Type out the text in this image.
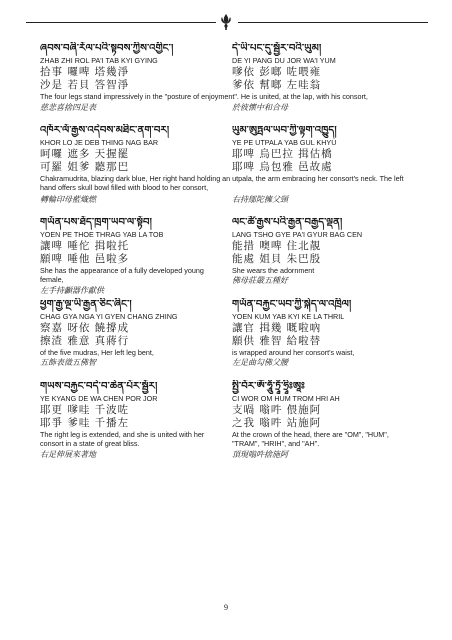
ཞབས་བཞི་རོལ་པའི་སྟབས་ཀྱིས་འགྱིང་།
ZHAB ZHI ROL PA'I TAB KYI GYING
拾事 囉啤 塔幾淨
沙是 若貝 答智淨
དེ་ཡི་པང་དུ་སྦྱོར་བའི་ཡུམ།
DE YI PANG DU JOR WA'I YUM
嗲依 彭啷 咗喂雍
爹依 幫啷 左哇翁
The four legs stand impressively in the "posture of enjoyment". He is united, at the lap, with his consort,
慈悲喜捨四足表	於彼懷中和合母
འཁོར་ལོ་རྒྱས་འདེབས་མཐིང་ནག་བར།
KHOR LO JE DEB THING NAG BAR
呵囉 遮多 天握罷
可羅 姐爹 聽那巴
ཡུམ་ཨུཏྤལ་ཡབ་ཀྱི་ལྟག་འཁྱུད།
YE PE UTPALA YAB GUL KHYÜ
耶啤 烏巴拉 揖估橋
耶啤 烏包雅 邑故處
Chakramudrita, blazing dark blue, Her right hand holding an utpala, the arm embracing her consort's neck. The left hand offers skull bowl filled with blood to her consort,
轉輪印母藍熾燃	右持鄔陀擁父頸
གཡོན་པས་ཐོད་ཁྲག་ཡབ་ལ་སྟོབ།
YOEN PE THOE THRAG YAB LA TOB
讓啤 唾佗 揖啦托
願啤 唾他 邑啦多
She has the appearance of a fully developed young female,
左手持顱器作獻供
ལང་ཚོ་རྒྱས་པའི་རྒྱན་བརྒྱད་ལྡན།
LANG TSHO GYE PA'I GYUR BAG CEN
能措 噢啤 住北靚
能處 姐貝 朱巴殷
She wears the adornment
佛母莊嚴五種好
ཕྱག་རྒྱ་ལྔ་ཡི་རྒྱན་ཅིང་ཞིང་།
CHAG GYA NGA YI GYEN CHANG ZHING
察嘉 呀依 饒撐成
擦渣 雅意 真蔣行
of the five mudras, Her left leg bent,
五飾表徵五佛智
གཡོན་བརྐྱང་ཡབ་ཀྱི་སྐེད་ལ་འཁྲིལ།
YOEN KUM YAB KYI KE LA THRIL
讓官 揖幾 嘅啦吶
願供 雅智 給啦替
is wrapped around her consort's waist,
左足曲勾佛父腰
གཡས་བརྐྱང་བདེ་བ་ཆེན་པོར་སྦྱོར།
YE KYANG DE WA CHEN POR JOR
耶更 嗲哇 千波咗
耶爭 爹哇 千播左
The right leg is extended, and she is united with her consort in a state of great bliss.
右足伸展來著地
སྤྱི་བོར་ཨོཾ་ཧཱུྃ་ཏྲཱྃ་ཧྲཱིཿཨཱཿ
CI WOR OM HUM TROM HRI AH
支喎 嗡吽 偎施阿
之我 嗡吽 站施阿
At the crown of the head, there are "OM", "HUM", "TRAM", "HRIH", and "AH".
頂現嗡吽捨施阿
9
